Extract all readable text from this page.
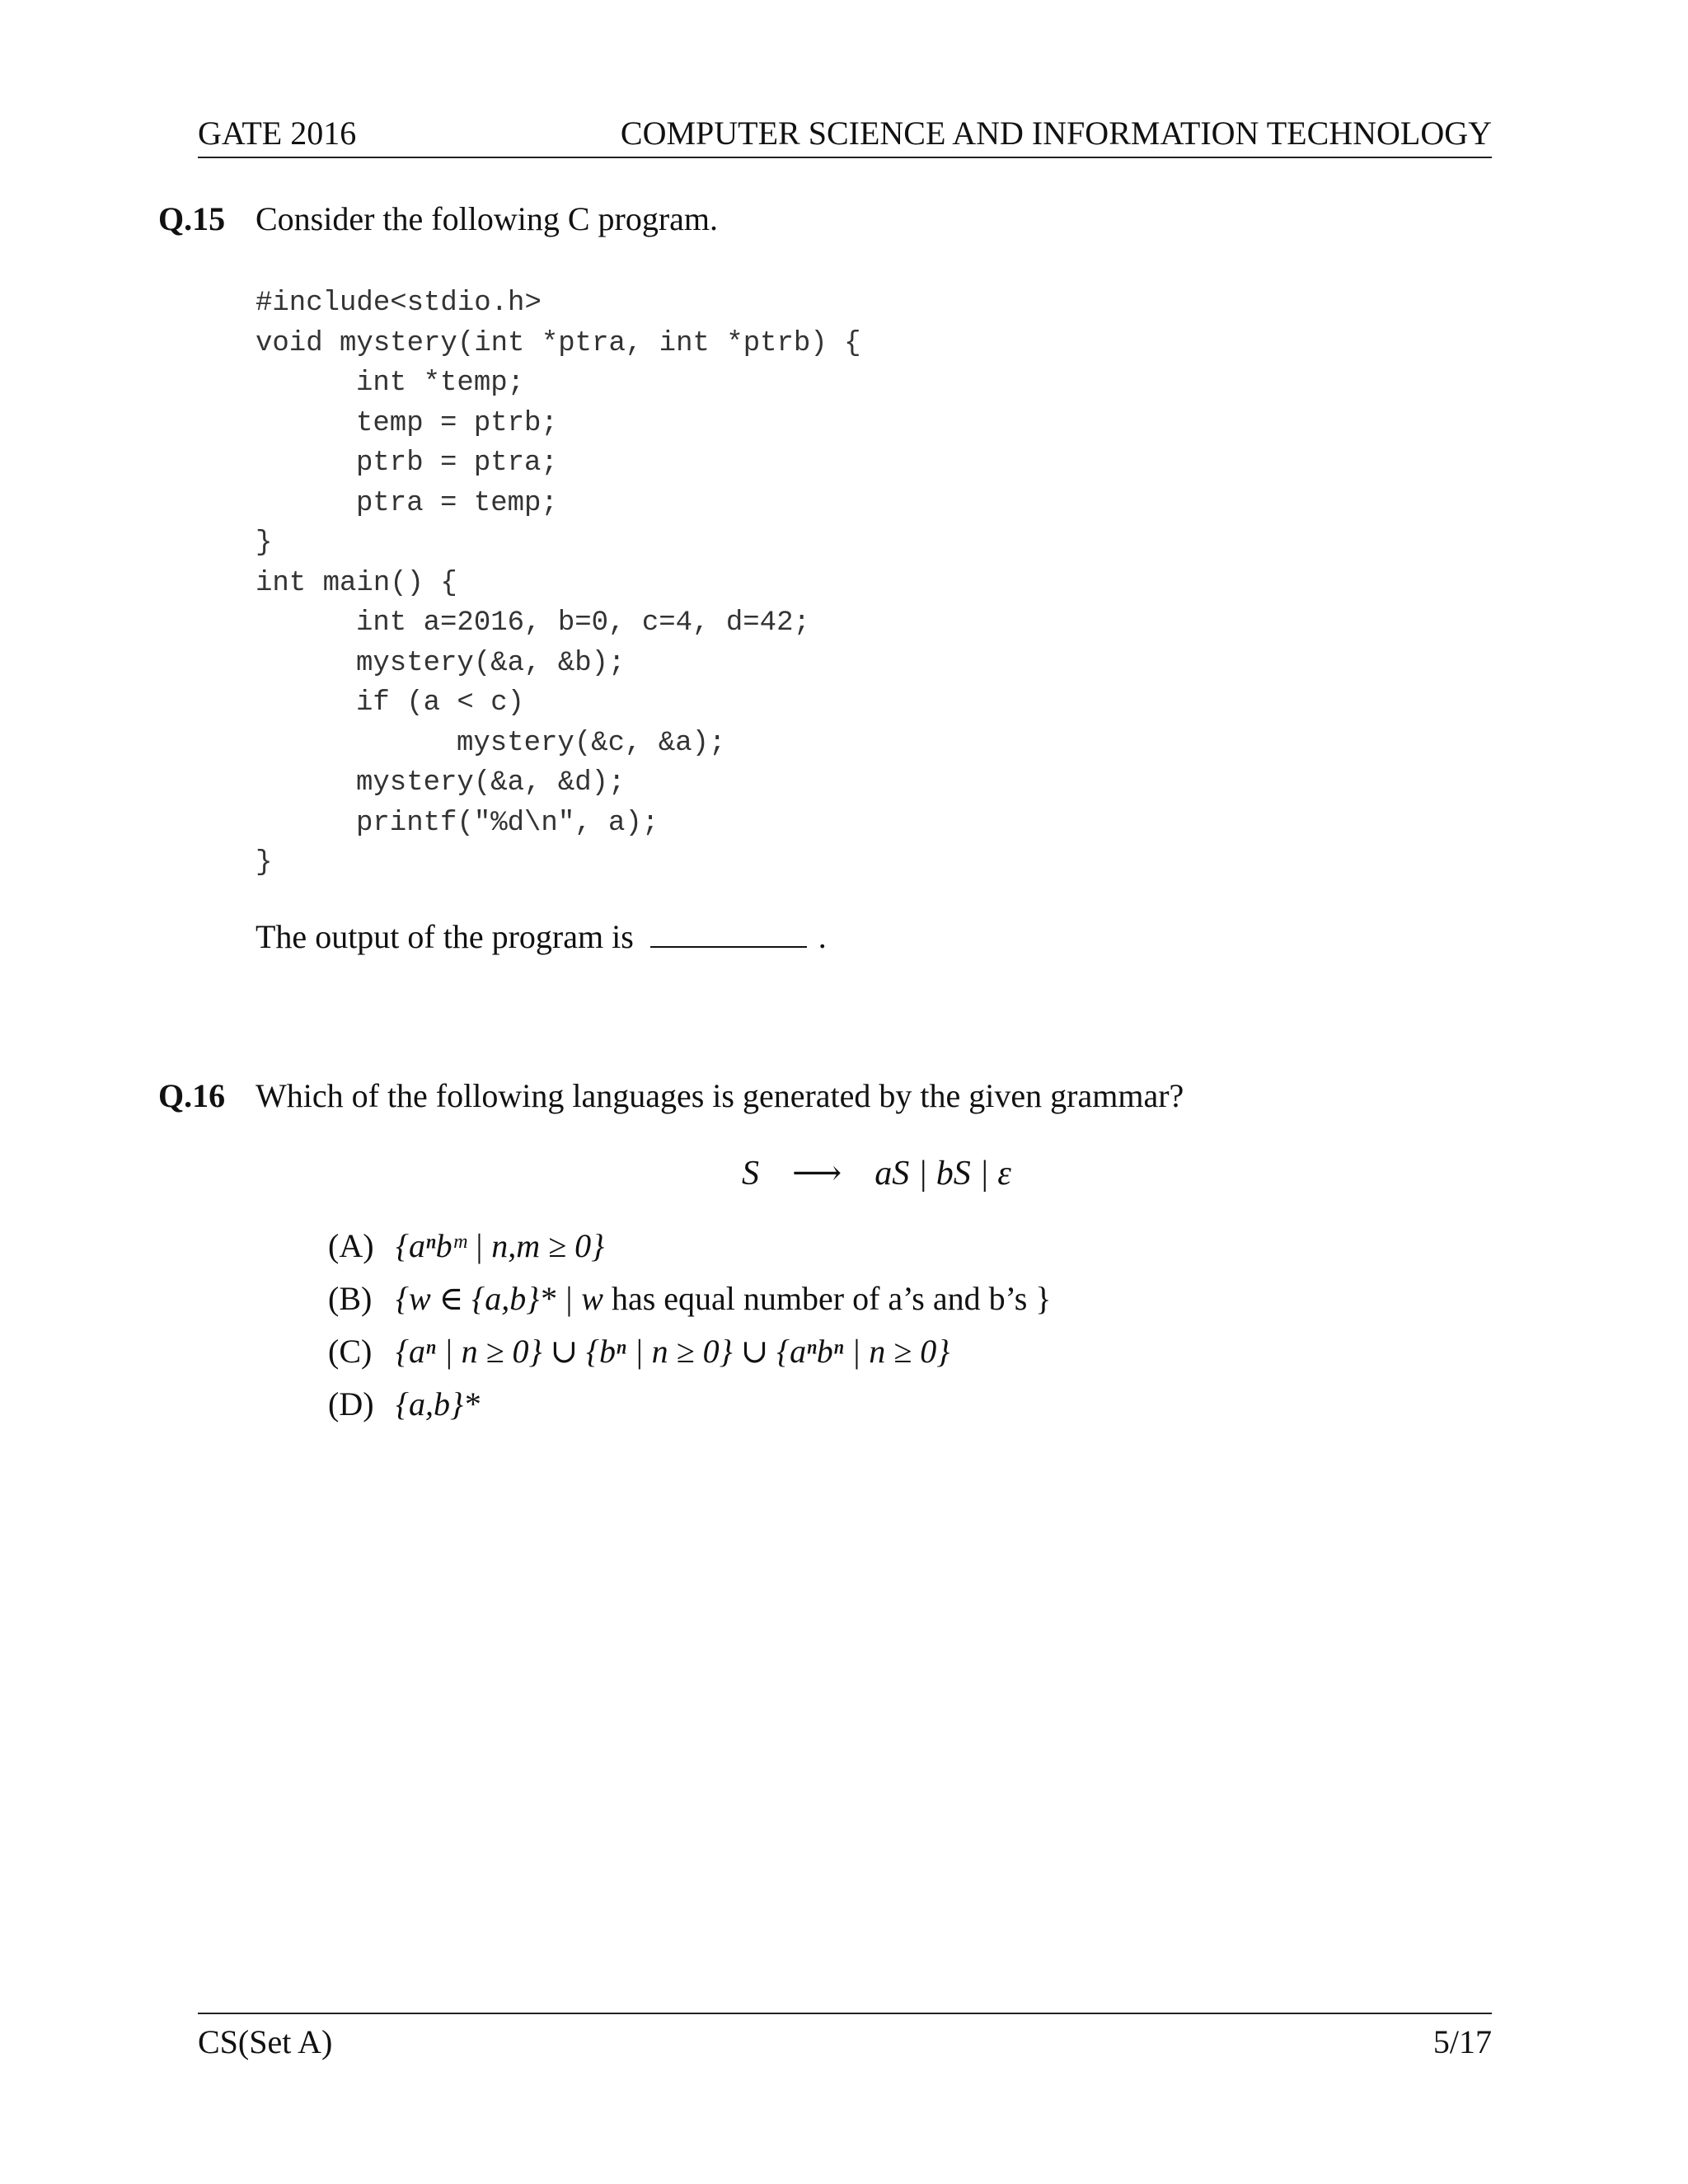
GATE 2016	COMPUTER SCIENCE AND INFORMATION TECHNOLOGY
Q.15 Consider the following C program.
#include<stdio.h>
void mystery(int *ptra, int *ptrb) {
int *temp;
temp = ptrb;
ptrb = ptra;
ptra = temp;
}
int main() {
int a=2016, b=0, c=4, d=42;
mystery(&a, &b);
if (a < c)
mystery(&c, &a);
mystery(&a, &d);
printf("%d\n", a);
}
The output of the program is	.
Q.16 Which of the following languages is generated by the given grammar?
S ⟶ aS | bS | ε
(A) {aⁿbᵐ | n,m ≥ 0}
(B) {w ∈ {a,b}* | w has equal number of a’s and b’s }
(C) {aⁿ | n ≥ 0} ∪ {bⁿ | n ≥ 0} ∪ {aⁿbⁿ | n ≥ 0}
(D) {a,b}*
CS(Set A)	5/17
